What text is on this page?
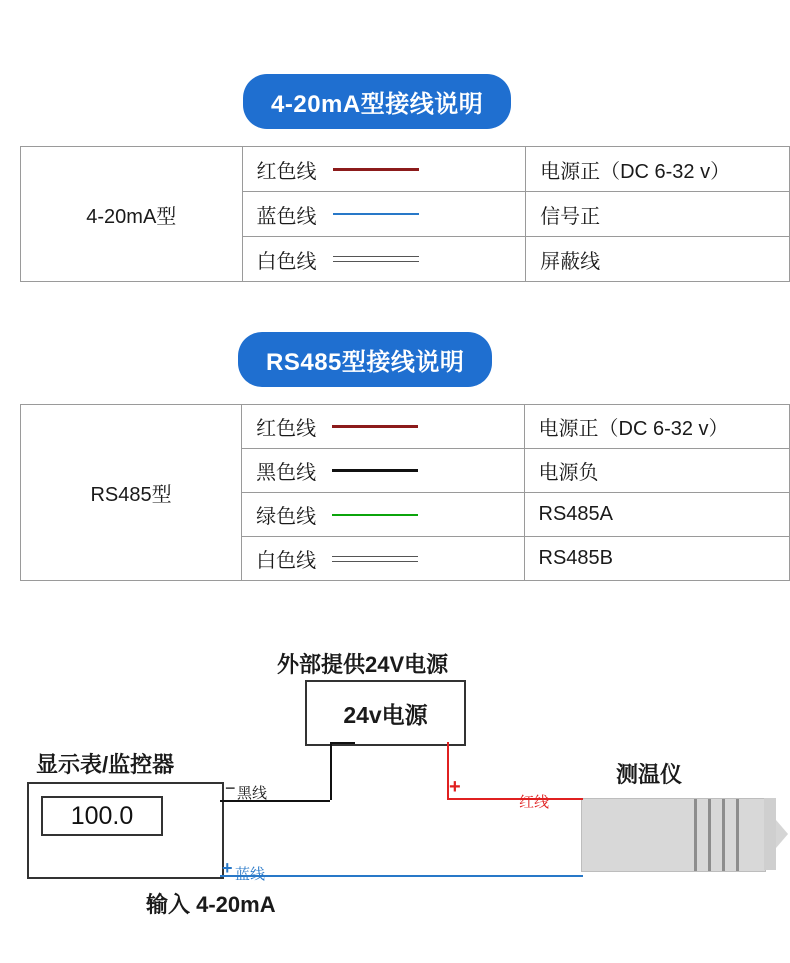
4-20mA型接线说明
4-20mA型	红色线	电源正（DC 6-32 v）

	蓝色线	信号正

	白色线	屏蔽线
RS485型接线说明
RS485型	红色线	电源正（DC 6-32 v）

	黑色线	电源负

	绿色线	RS485A

	白色线	RS485B
外部提供24V电源
24v电源
显示表/监控器
100.0
测温仪
黑线
红线
蓝线
−	+
+
输入 4-20mA
